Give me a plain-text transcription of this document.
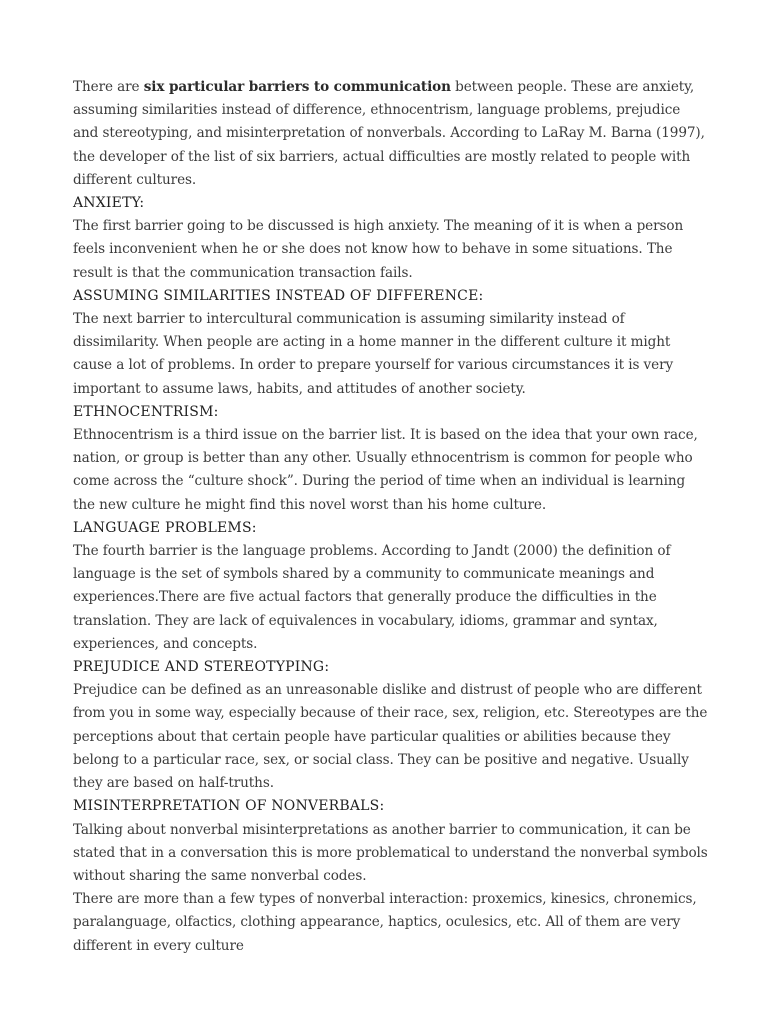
There are six particular barriers to communication between people. These are anxiety, assuming similarities instead of difference, ethnocentrism, language problems, prejudice and stereotyping, and misinterpretation of nonverbals. According to LaRay M. Barna (1997), the developer of the list of six barriers, actual difficulties are mostly related to people with different cultures.

ANXIETY:

The first barrier going to be discussed is high anxiety. The meaning of it is when a person feels inconvenient when he or she does not know how to behave in some situations. The result is that the communication transaction fails.

ASSUMING SIMILARITIES INSTEAD OF DIFFERENCE:

The next barrier to intercultural communication is assuming similarity instead of dissimilarity. When people are acting in a home manner in the different culture it might cause a lot of problems. In order to prepare yourself for various circumstances it is very important to assume laws, habits, and attitudes of another society.

ETHNOCENTRISM:

Ethnocentrism is a third issue on the barrier list. It is based on the idea that your own race, nation, or group is better than any other. Usually ethnocentrism is common for people who come across the “culture shock”. During the period of time when an individual is learning the new culture he might find this novel worst than his home culture.

LANGUAGE PROBLEMS:

The fourth barrier is the language problems. According to Jandt (2000) the definition of language is the set of symbols shared by a community to communicate meanings and experiences.There are five actual factors that generally produce the difficulties in the translation. They are lack of equivalences in vocabulary, idioms, grammar and syntax, experiences, and concepts.

PREJUDICE AND STEREOTYPING:

Prejudice can be defined as an unreasonable dislike and distrust of people who are different from you in some way, especially because of their race, sex, religion, etc. Stereotypes are the perceptions about that certain people have particular qualities or abilities because they belong to a particular race, sex, or social class. They can be positive and negative. Usually they are based on half-truths.

MISINTERPRETATION OF NONVERBALS:

Talking about nonverbal misinterpretations as another barrier to communication, it can be stated that in a conversation this is more problematical to understand the nonverbal symbols without sharing the same nonverbal codes.

There are more than a few types of nonverbal interaction: proxemics, kinesics, chronemics, paralanguage, olfactics, clothing appearance, haptics, oculesics, etc. All of them are very different in every culture
